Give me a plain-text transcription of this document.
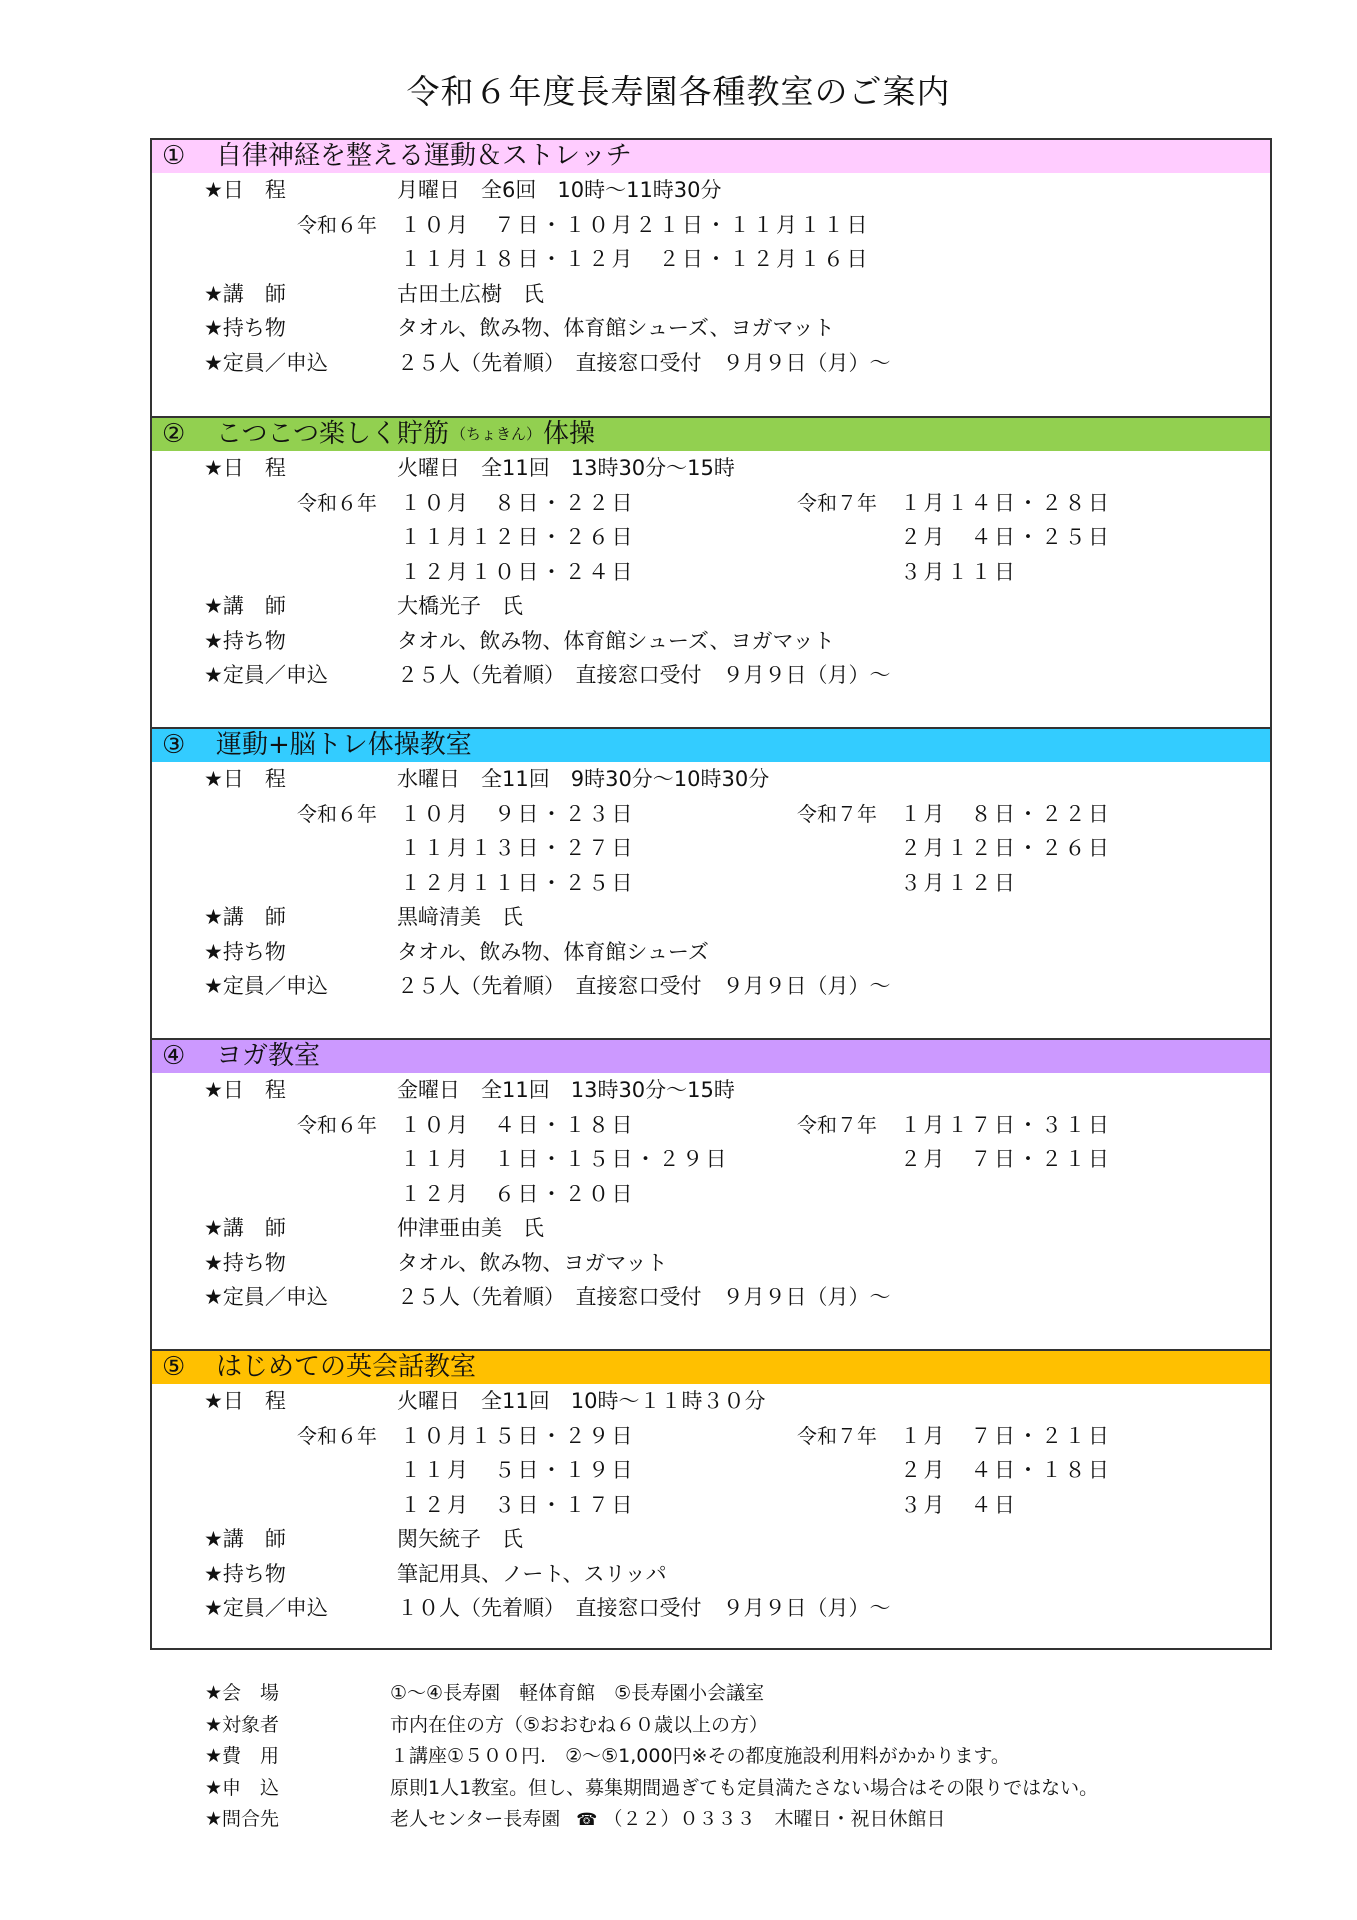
令和６年度長寿園各種教室のご案内
①	自律神経を整える運動＆ストレッチ
★日　程	月曜日　全6回　10時～11時30分
令和６年 １０月　７日・１０月２１日・１１月１１日
１１月１８日・１２月　２日・１２月１６日
★講　師	古田土広樹　氏
★持ち物	タオル、飲み物、体育館シューズ、ヨガマット
★定員／申込	２５人（先着順）　直接窓口受付　９月９日（月）～
②	こつこつ楽しく貯筋 （ちょきん） 体操
★日　程	火曜日　全11回　13時30分～15時
令和６年 １０月　８日・２２日	令和７年 １月１４日・２８日
１１月１２日・２６日	２月　４日・２５日
１２月１０日・２４日	３月１１日
★講　師	大橋光子　氏
★持ち物	タオル、飲み物、体育館シューズ、ヨガマット
★定員／申込	２５人（先着順）　直接窓口受付　９月９日（月）～
③	運動+脳トレ体操教室
★日　程	水曜日　全11回　9時30分～10時30分
令和６年 １０月　９日・２３日	令和７年 １月　８日・２２日
１１月１３日・２７日	２月１２日・２６日
１２月１１日・２５日	３月１２日
★講　師	黒﨑清美　氏
★持ち物	タオル、飲み物、体育館シューズ
★定員／申込	２５人（先着順）　直接窓口受付　９月９日（月）～
④	ヨガ教室
★日　程	金曜日　全11回　13時30分～15時
令和６年 １０月　４日・１８日	令和７年 １月１７日・３１日
１１月　１日・１５日・２９日	２月　７日・２１日
１２月　６日・２０日
★講　師	仲津亜由美　氏
★持ち物	タオル、飲み物、ヨガマット
★定員／申込	２５人（先着順）　直接窓口受付　９月９日（月）～
⑤	はじめての英会話教室
★日　程	火曜日　全11回　10時～１１時３０分
令和６年 １０月１５日・２９日	令和７年 １月　７日・２１日
１１月　５日・１９日	２月　４日・１８日
１２月　３日・１７日	３月　４日
★講　師	関矢統子　氏
★持ち物	筆記用具、ノート、スリッパ
★定員／申込	１０人（先着順）　直接窓口受付　９月９日（月）～
★会　場	①～④長寿園　軽体育館　⑤長寿園小会議室
★対象者	市内在住の方（⑤おおむね６０歳以上の方）
★費　用	１講座①５００円.　②～⑤1,000円※その都度施設利用料がかかります。
★申　込	原則1人1教室。但し、募集期間過ぎても定員満たさない場合はその限りではない。
★問合先	老人センター長寿園 ☎ （２２）０３３３　 木曜日・祝日休館日
